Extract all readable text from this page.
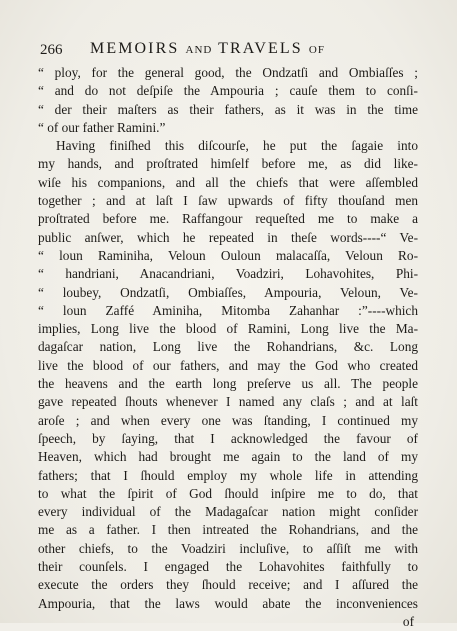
266 MEMOIRS AND TRAVELS OF
“ ploy, for the general good, the Ondzatſi and Ombiaſſes ;
“ and do not deſpiſe the Ampouria ; cauſe them to conſi-
“ der their maſters as their fathers, as it was in the time
“ of our father Ramini.”
Having finiſhed this diſcourſe, he put the ſagaie into
my hands, and proſtrated himſelf before me, as did like-
wiſe his companions, and all the chiefs that were aſſembled
together ; and at laſt I ſaw upwards of fifty thouſand men
proſtrated before me. Raffangour requeſted me to make a
public anſwer, which he repeated in theſe words----“ Ve-
“ loun Raminiha, Veloun Ouloun malacaſſa, Veloun Ro-
“ handriani, Anacandriani, Voadziri, Lohavohites, Phi-
“ loubey, Ondzatſi, Ombiaſſes, Ampouria, Veloun, Ve-
“ loun Zaffé Aminiha, Mitomba Zahanhar :”----which
implies, Long live the blood of Ramini, Long live the Ma-
dagaſcar nation, Long live the Rohandrians, &c. Long
live the blood of our fathers, and may the God who created
the heavens and the earth long preſerve us all. The people
gave repeated ſhouts whenever I named any claſs ; and at laſt
aroſe ; and when every one was ſtanding, I continued my
ſpeech, by ſaying, that I acknowledged the favour of
Heaven, which had brought me again to the land of my
fathers; that I ſhould employ my whole life in attending
to what the ſpirit of God ſhould inſpire me to do, that
every individual of the Madagaſcar nation might conſider
me as a father. I then intreated the Rohandrians, and the
other chiefs, to the Voadziri incluſive, to aſſiſt me with
their counſels. I engaged the Lohavohites faithfully to
execute the orders they ſhould receive; and I aſſured the
Ampouria, that the laws would abate the inconveniences
of
